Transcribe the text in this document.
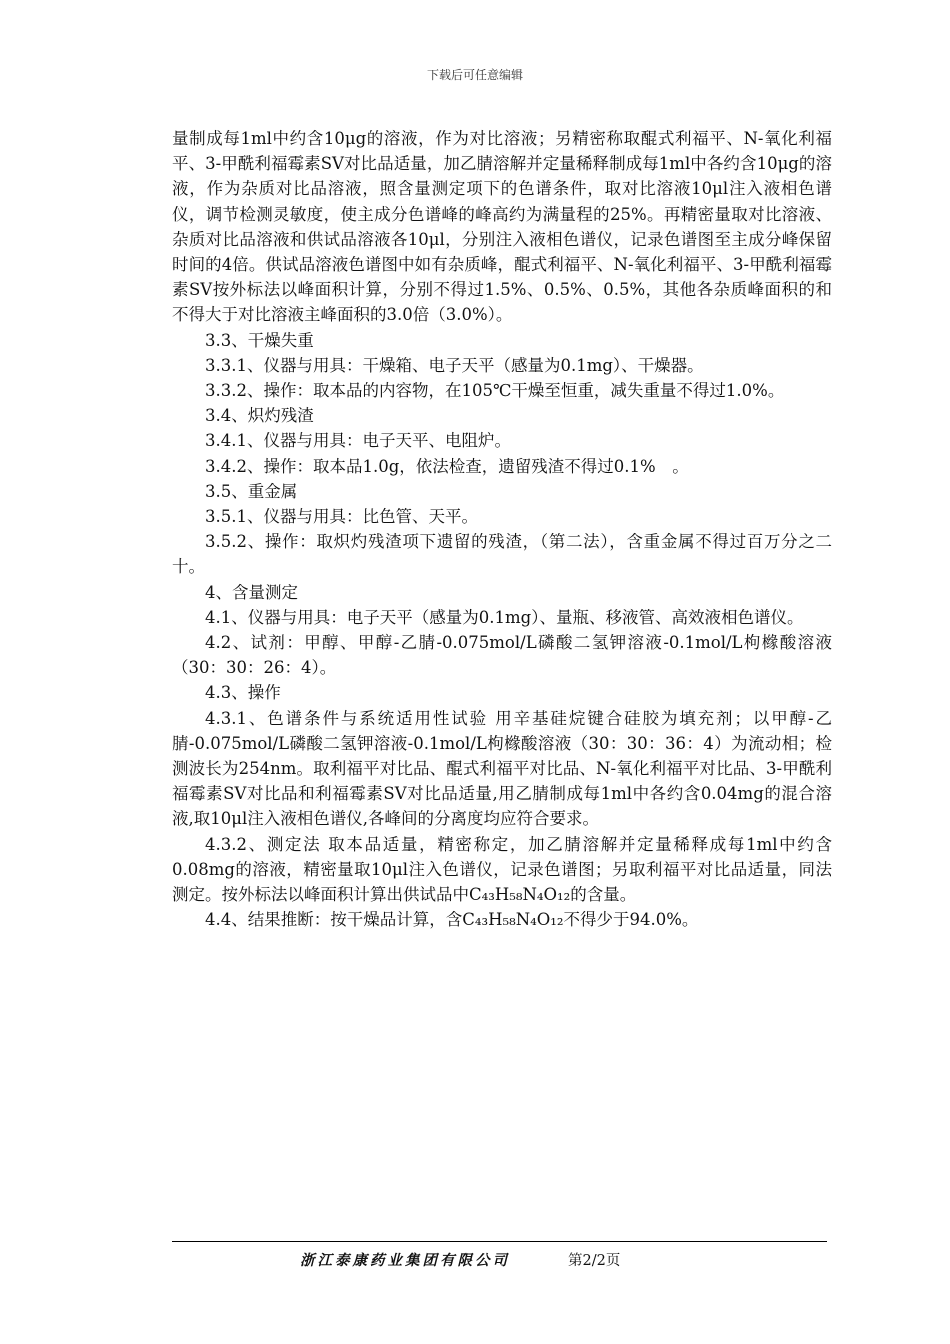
下载后可任意编辑

量制成每1ml中约含10μg的溶液，作为对比溶液；另精密称取醌式利福平、N-氧化利福平、3-甲酰利福霉素SV对比品适量，加乙腈溶解并定量稀释制成每1ml中各约含10μg的溶液，作为杂质对比品溶液，照含量测定项下的色谱条件，取对比溶液10μl注入液相色谱仪，调节检测灵敏度，使主成分色谱峰的峰高约为满量程的25%。再精密量取对比溶液、杂质对比品溶液和供试品溶液各10μl，分别注入液相色谱仪，记录色谱图至主成分峰保留时间的4倍。供试品溶液色谱图中如有杂质峰，醌式利福平、N-氧化利福平、3-甲酰利福霉素SV按外标法以峰面积计算，分别不得过1.5%、0.5%、0.5%，其他各杂质峰面积的和不得大于对比溶液主峰面积的3.0倍（3.0%）。

3.3、干燥失重

3.3.1、仪器与用具：干燥箱、电子天平（感量为0.1mg）、干燥器。

3.3.2、操作：取本品的内容物，在105℃干燥至恒重，减失重量不得过1.0%。

3.4、炽灼残渣

3.4.1、仪器与用具：电子天平、电阻炉。

3.4.2、操作：取本品1.0g，依法检查，遗留残渣不得过0.1%　。

3.5、重金属

3.5.1、仪器与用具：比色管、天平。

3.5.2、操作：取炽灼残渣项下遗留的残渣，（第二法），含重金属不得过百万分之二十。

4、含量测定

4.1、仪器与用具：电子天平（感量为0.1mg）、量瓶、移液管、高效液相色谱仪。

4.2、试剂：甲醇、甲醇-乙腈-0.075mol/L磷酸二氢钾溶液-0.1mol/L枸橼酸溶液（30：30：26：4）。

4.3、操作

4.3.1、色谱条件与系统适用性试验 用辛基硅烷键合硅胶为填充剂；以甲醇-乙腈-0.075mol/L磷酸二氢钾溶液-0.1mol/L枸橼酸溶液（30：30：36：4）为流动相；检测波长为254nm。取利福平对比品、醌式利福平对比品、N-氧化利福平对比品、3-甲酰利福霉素SV对比品和利福霉素SV对比品适量,用乙腈制成每1ml中各约含0.04mg的混合溶液,取10μl注入液相色谱仪,各峰间的分离度均应符合要求。

4.3.2、测定法 取本品适量，精密称定，加乙腈溶解并定量稀释成每1ml中约含0.08mg的溶液，精密量取10μl注入色谱仪，记录色谱图；另取利福平对比品适量，同法测定。按外标法以峰面积计算出供试品中C₄₃H₅₈N₄O₁₂的含量。

4.4、结果推断：按干燥品计算，含C₄₃H₅₈N₄O₁₂不得少于94.0%。

浙江泰康药业集团有限公司	第2/2页
